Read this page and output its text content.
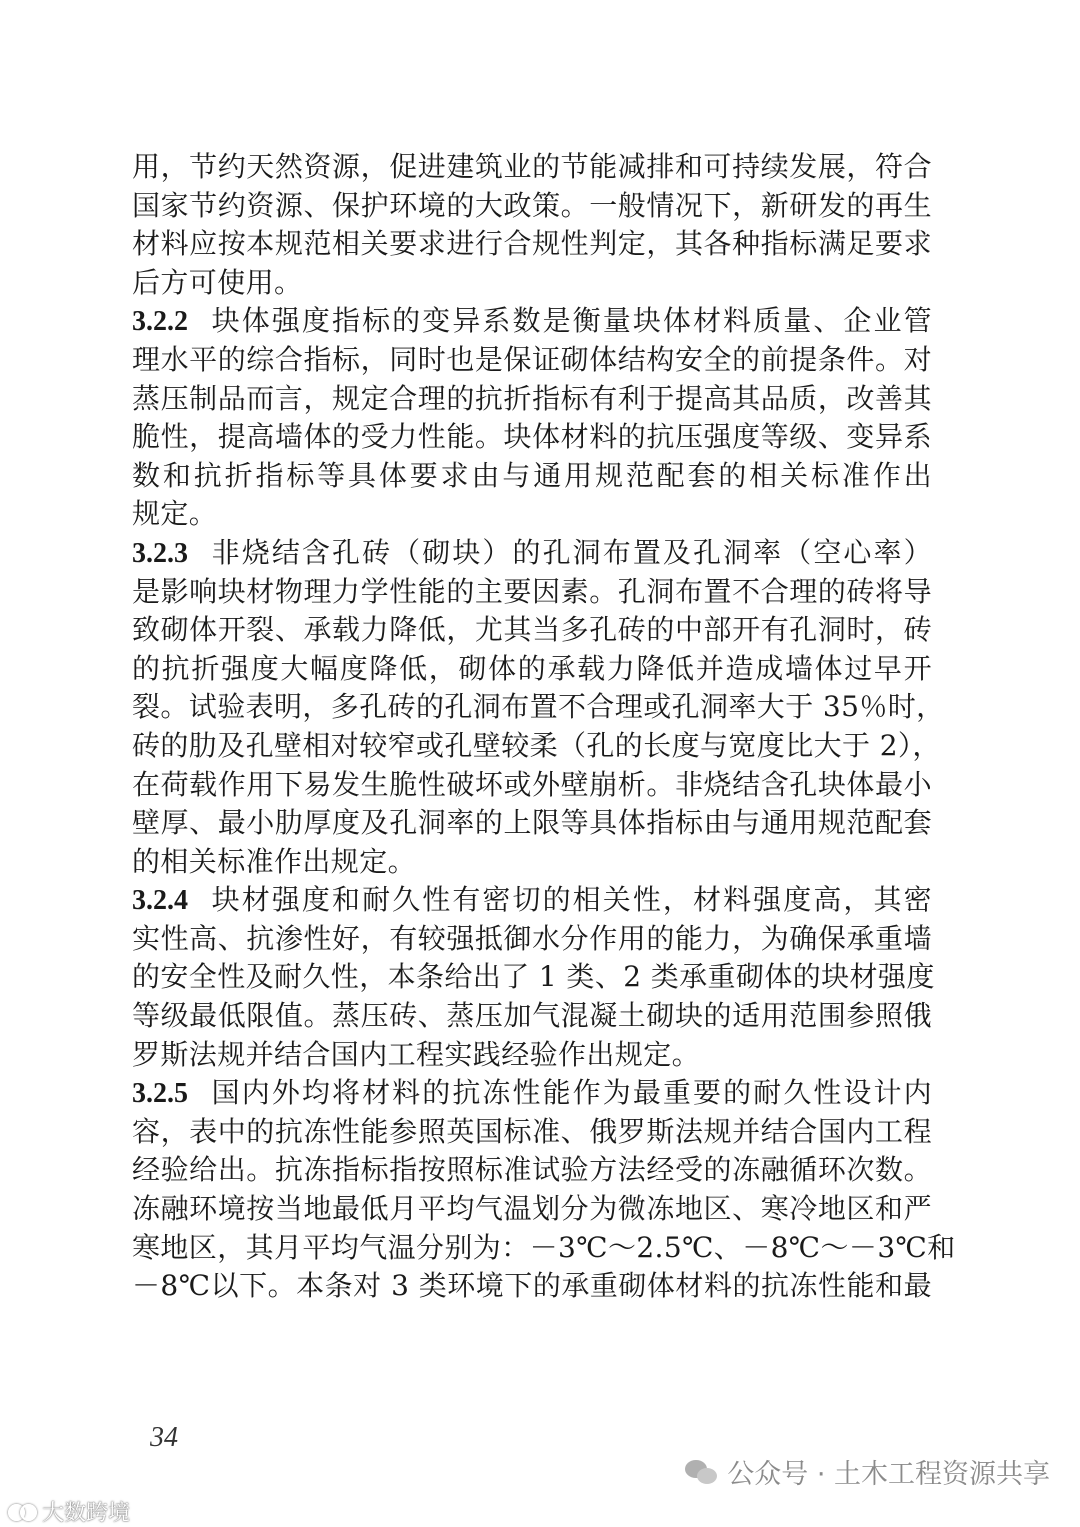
用，节约天然资源，促进建筑业的节能减排和可持续发展，符合
国家节约资源、保护环境的大政策。一般情况下，新研发的再生
材料应按本规范相关要求进行合规性判定，其各种指标满足要求
后方可使用。
3.2.2 块体强度指标的变异系数是衡量块体材料质量、企业管
理水平的综合指标，同时也是保证砌体结构安全的前提条件。对
蒸压制品而言，规定合理的抗折指标有利于提高其品质，改善其
脆性，提高墙体的受力性能。块体材料的抗压强度等级、变异系
数和抗折指标等具体要求由与通用规范配套的相关标准作出
规定。
3.2.3 非烧结含孔砖（砌块）的孔洞布置及孔洞率（空心率）
是影响块材物理力学性能的主要因素。孔洞布置不合理的砖将导
致砌体开裂、承载力降低，尤其当多孔砖的中部开有孔洞时，砖
的抗折强度大幅度降低，砌体的承载力降低并造成墙体过早开
裂。试验表明，多孔砖的孔洞布置不合理或孔洞率大于 35％时，
砖的肋及孔壁相对较窄或孔壁较柔（孔的长度与宽度比大于 2），
在荷载作用下易发生脆性破坏或外壁崩析。非烧结含孔块体最小
壁厚、最小肋厚度及孔洞率的上限等具体指标由与通用规范配套
的相关标准作出规定。
3.2.4 块材强度和耐久性有密切的相关性，材料强度高，其密
实性高、抗渗性好，有较强抵御水分作用的能力，为确保承重墙
的安全性及耐久性，本条给出了 1 类、2 类承重砌体的块材强度
等级最低限值。蒸压砖、蒸压加气混凝土砌块的适用范围参照俄
罗斯法规并结合国内工程实践经验作出规定。
3.2.5 国内外均将材料的抗冻性能作为最重要的耐久性设计内
容，表中的抗冻性能参照英国标准、俄罗斯法规并结合国内工程
经验给出。抗冻指标指按照标准试验方法经受的冻融循环次数。
冻融环境按当地最低月平均气温划分为微冻地区、寒冷地区和严
寒地区，其月平均气温分别为：－3℃～2.5℃、－8℃～－3℃和
－8℃以下。本条对 3 类环境下的承重砌体材料的抗冻性能和最
34
公众号 · 土木工程资源共享
大数跨境
